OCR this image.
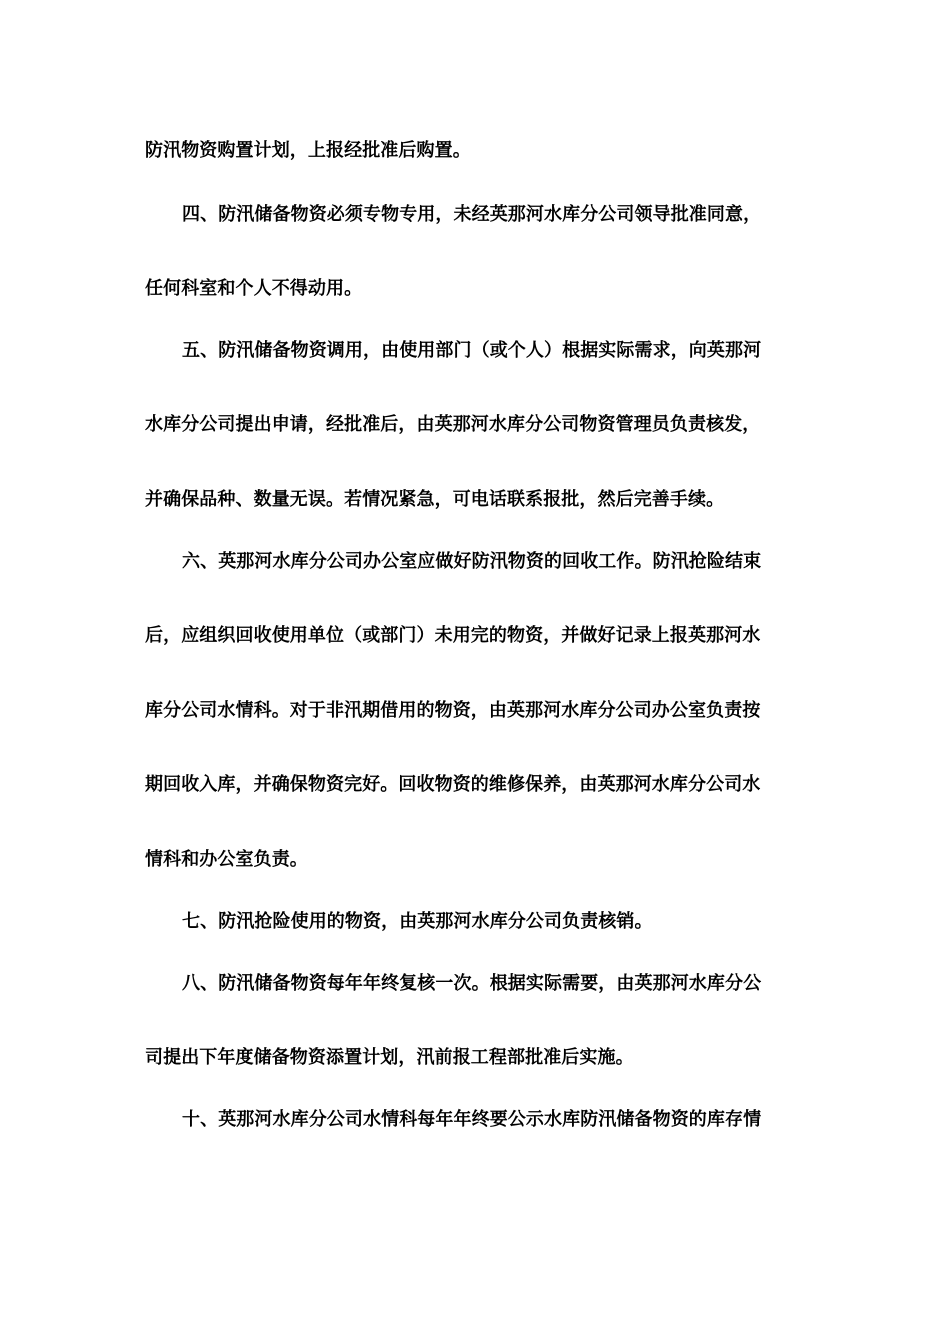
防汛物资购置计划，上报经批准后购置。
四、防汛储备物资必须专物专用，未经英那河水库分公司领导批准同意，
任何科室和个人不得动用。
五、防汛储备物资调用，由使用部门（或个人）根据实际需求，向英那河
水库分公司提出申请，经批准后，由英那河水库分公司物资管理员负责核发，
并确保品种、数量无误。若情况紧急，可电话联系报批，然后完善手续。
六、英那河水库分公司办公室应做好防汛物资的回收工作。防汛抢险结束
后，应组织回收使用单位（或部门）未用完的物资，并做好记录上报英那河水
库分公司水情科。对于非汛期借用的物资，由英那河水库分公司办公室负责按
期回收入库，并确保物资完好。回收物资的维修保养，由英那河水库分公司水
情科和办公室负责。
七、防汛抢险使用的物资，由英那河水库分公司负责核销。
八、防汛储备物资每年年终复核一次。根据实际需要，由英那河水库分公
司提出下年度储备物资添置计划，汛前报工程部批准后实施。
十、英那河水库分公司水情科每年年终要公示水库防汛储备物资的库存情
